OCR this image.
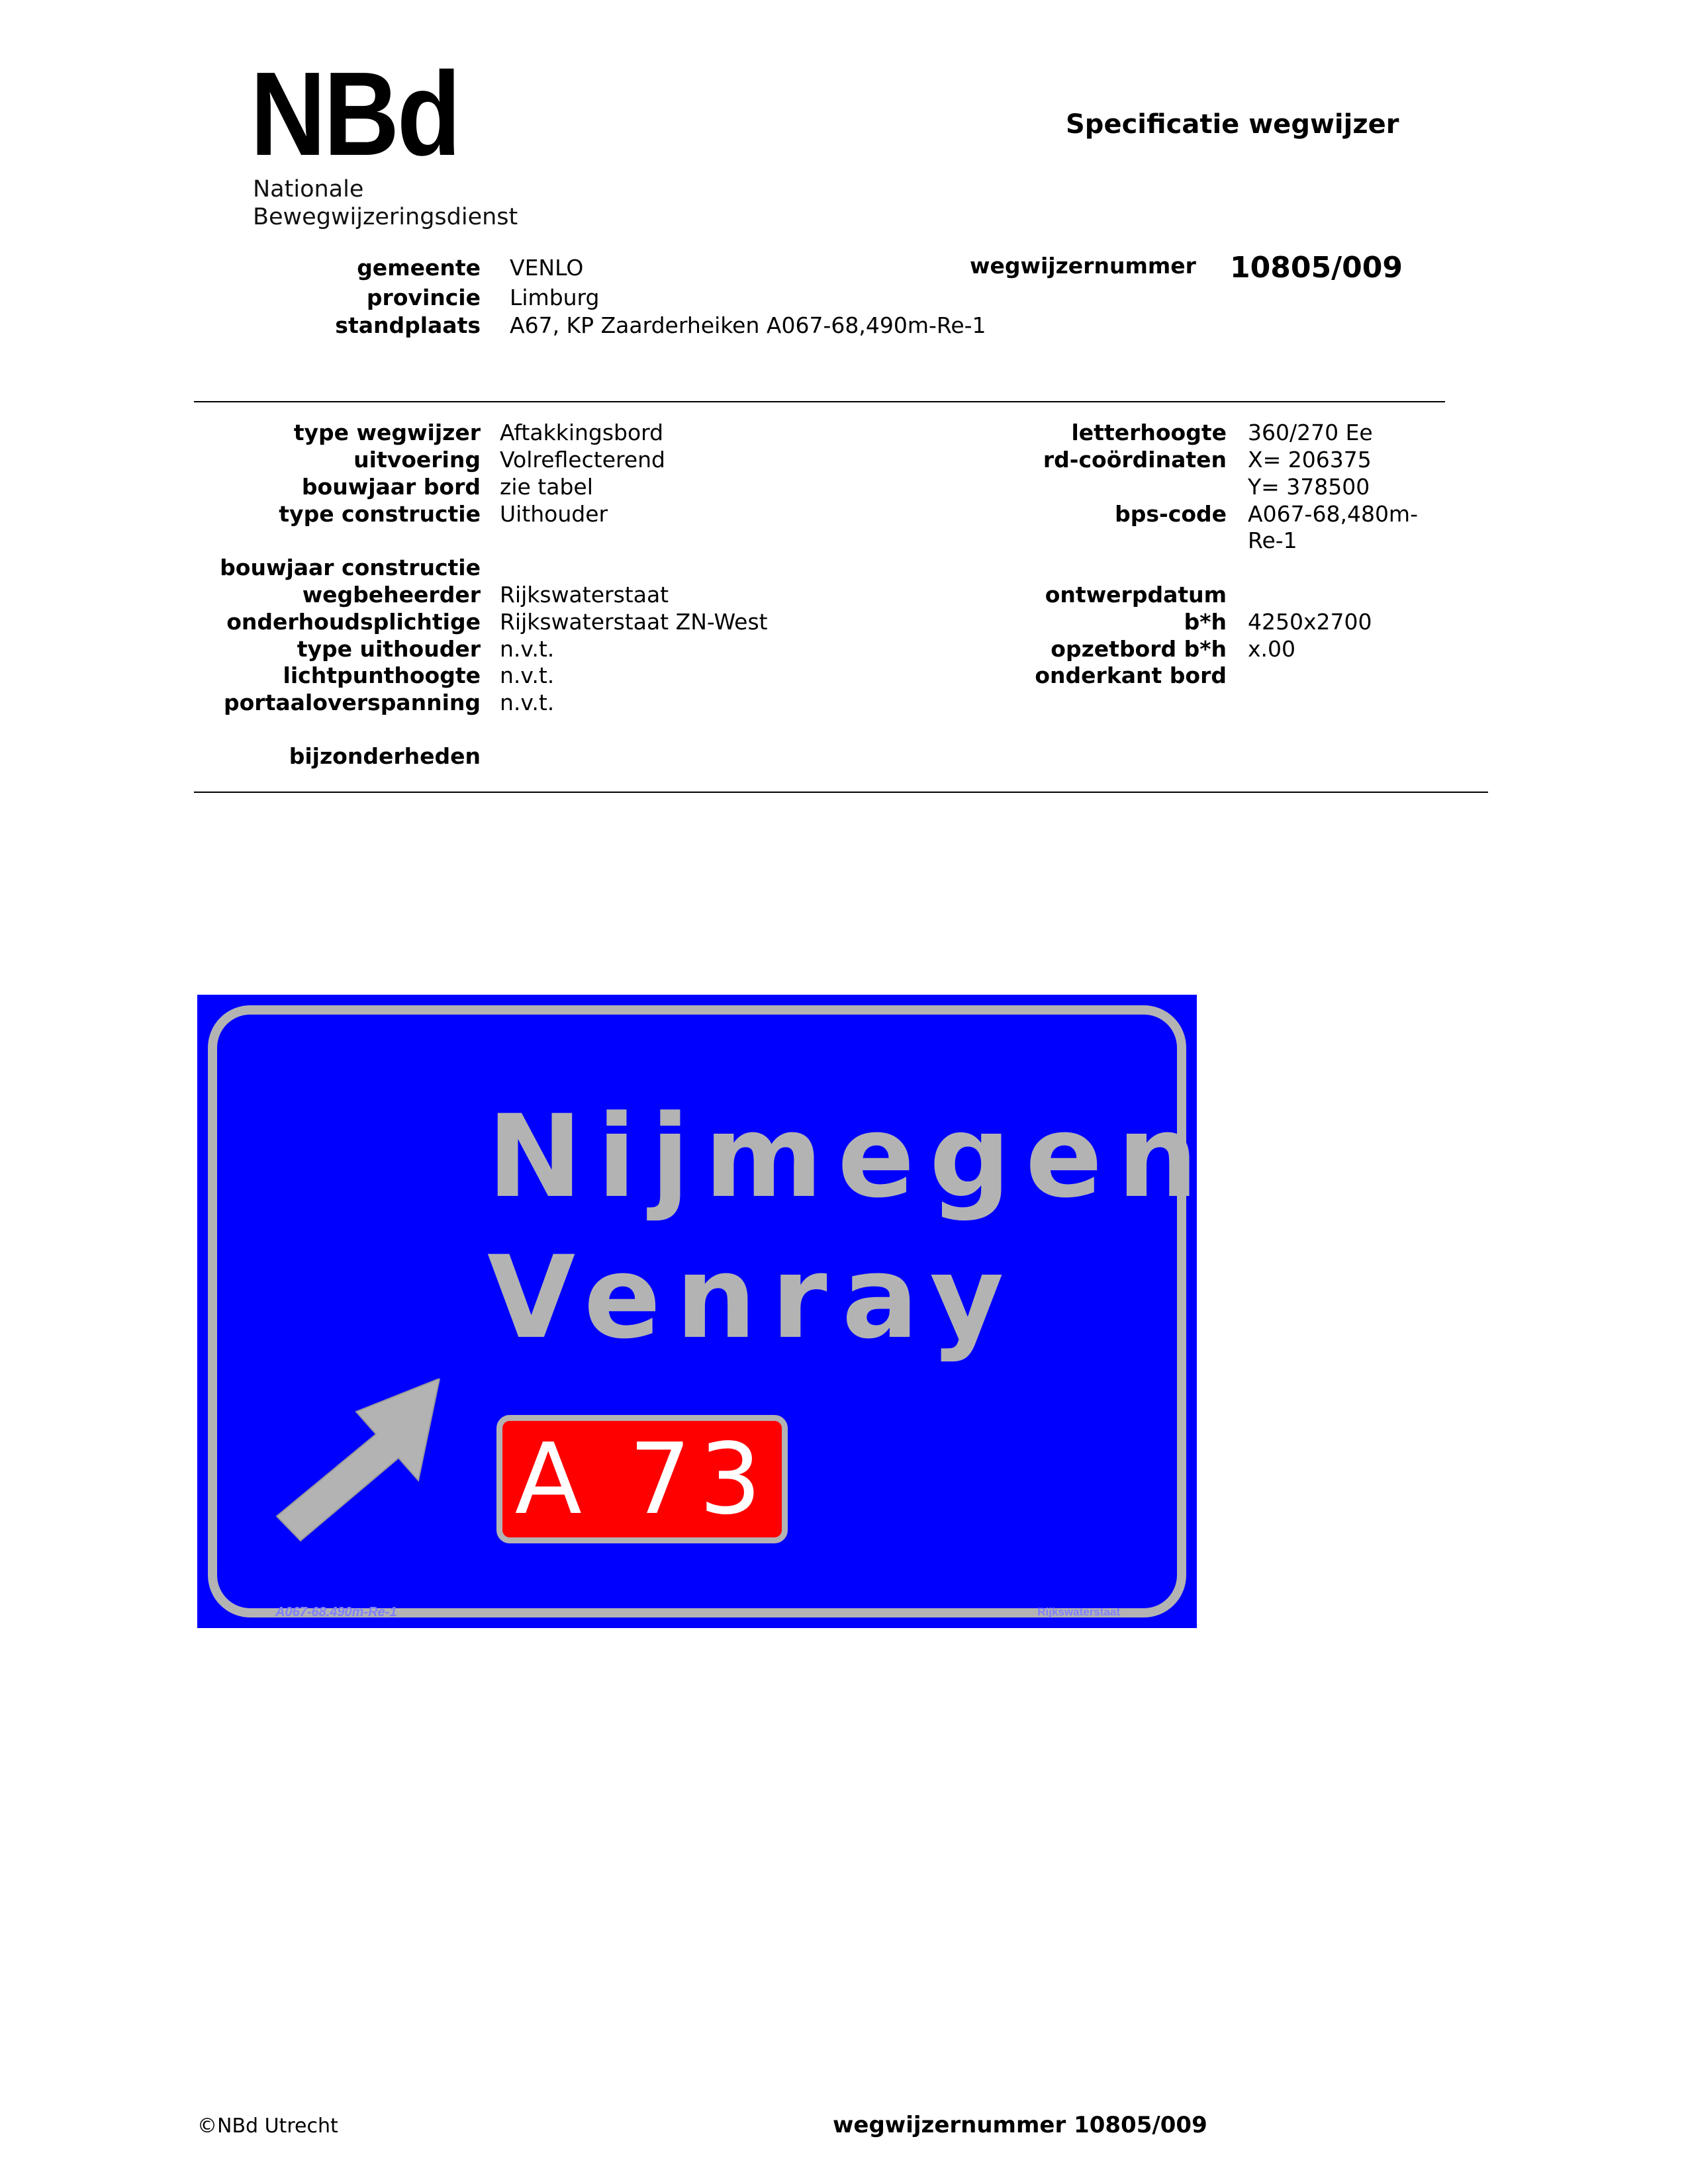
NBd
Nationale
Bewegwijzeringsdienst
Specificatie wegwijzer
gemeente VENLO
provincie Limburg
standplaats A67, KP Zaarderheiken A067-68,490m-Re-1
wegwijzernummer 10805/009
type wegwijzer Aftakkingsbord
uitvoering Volreflecterend
bouwjaar bord zie tabel
type constructie Uithouder
bouwjaar constructie
wegbeheerder Rijkswaterstaat
onderhoudsplichtige Rijkswaterstaat ZN-West
type uithouder n.v.t.
lichtpunthoogte n.v.t.
portaaloverspanning n.v.t.
bijzonderheden
letterhoogte 360/270 Ee
rd-coördinaten X= 206375
Y= 378500
bps-code A067-68,480m-
Re-1
ontwerpdatum
b*h 4250x2700
opzetbord b*h x.00
onderkant bord
Nijmegen
Venray
A 73
A067-68.490m-Re-1	Rijkswaterstaat
©NBd Utrecht	wegwijzernummer 10805/009
